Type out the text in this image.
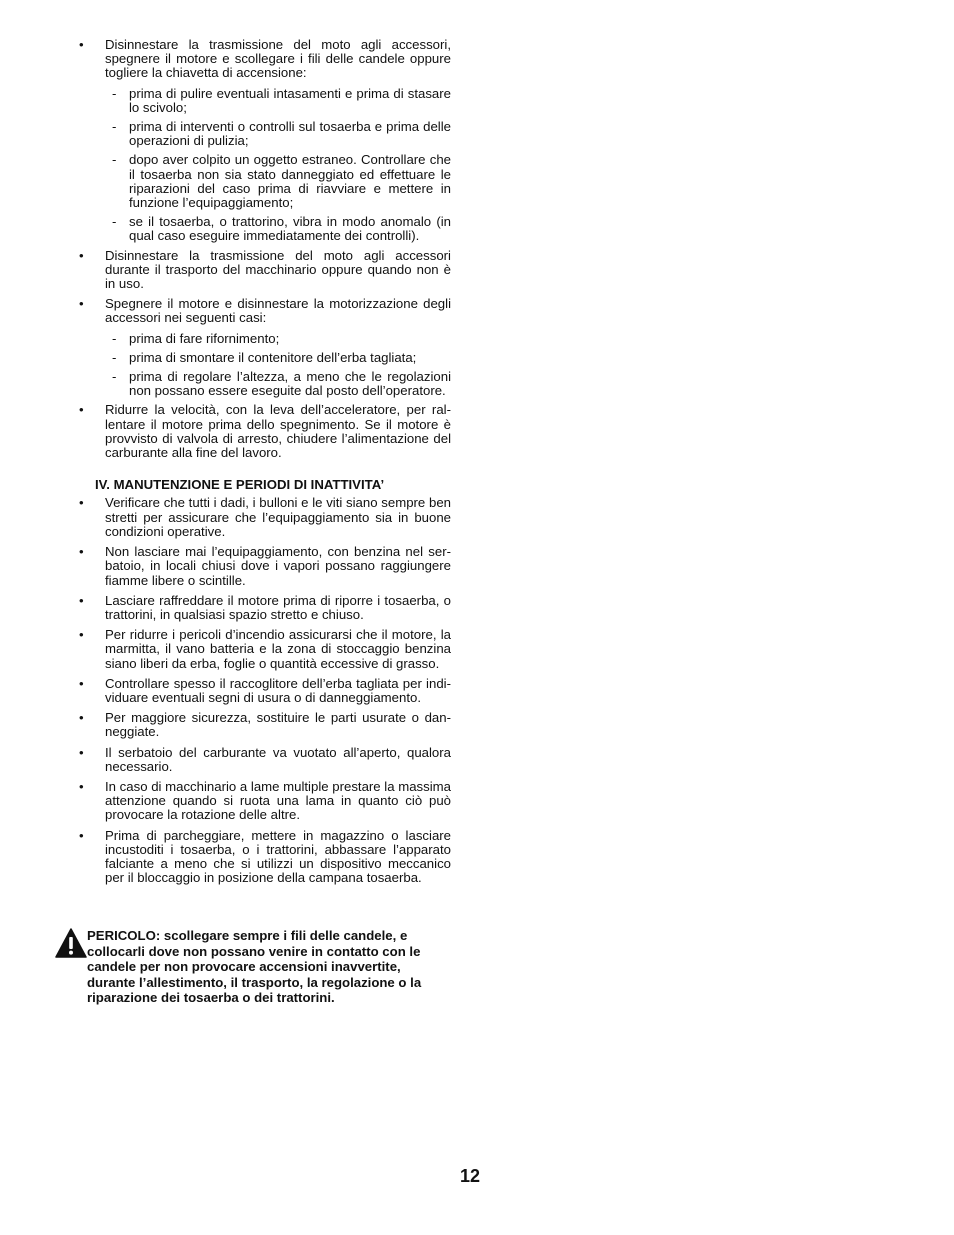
• Disinnestare la trasmissione del moto agli accessori, spegnere il motore e scollegare i fili delle candele oppure togliere la chiavetta di accensione:
- prima di pulire eventuali intasamenti e prima di stasare lo scivolo;
- prima di interventi o controlli sul tosaerba e prima delle operazioni di pulizia;
- dopo aver colpito un oggetto estraneo. Controllare che il tosaerba non sia stato danneggiato ed effettuare le riparazioni del caso prima di riavviare e mettere in funzione l’equipaggiamento;
- se il tosaerba, o trattorino, vibra in modo anomalo (in qual caso eseguire immediatamente dei controlli).
• Disinnestare la trasmissione del moto agli accessori durante il trasporto del macchinario oppure quando non è in uso.
• Spegnere il motore e disinnestare la motorizzazione degli accessori nei seguenti casi:
- prima di fare rifornimento;
- prima di smontare il contenitore dell’erba tagliata;
- prima di regolare l’altezza, a meno che le regolazioni non possano essere eseguite dal posto dell’operatore.
• Ridurre la velocità, con la leva dell’acceleratore, per rallentare il motore prima dello spegnimento. Se il motore è provvisto di valvola di arresto, chiudere l’alimentazione del carburante alla fine del lavoro.
IV. MANUTENZIONE E PERIODI DI INATTIVITA’
• Verificare che tutti i dadi, i bulloni e le viti siano sempre ben stretti per assicurare che l’equipaggiamento sia in buone condizioni operative.
• Non lasciare mai l’equipaggiamento, con benzina nel serbatoio, in locali chiusi dove i vapori possano raggiungere fiamme libere o scintille.
• Lasciare raffreddare il motore prima di riporre i tosaerba, o trattorini, in qualsiasi spazio stretto e chiuso.
• Per ridurre i pericoli d’incendio assicurarsi che il motore, la marmitta, il vano batteria e la zona di stoccaggio benzina siano liberi da erba, foglie o quantità eccessive di grasso.
• Controllare spesso il raccoglitore dell’erba tagliata per individuare eventuali segni di usura o di danneggiamento.
• Per maggiore sicurezza, sostituire le parti usurate o danneggiate.
• Il serbatoio del carburante va vuotato all’aperto, qualora necessario.
• In caso di macchinario a lame multiple prestare la massima attenzione quando si ruota una lama in quanto ciò può provocare la rotazione delle altre.
• Prima di parcheggiare, mettere in magazzino o lasciare incustoditi i tosaerba, o i trattorini, abbassare l’apparato falciante a meno che si utilizzi un dispositivo meccanico per il bloccaggio in posizione della campana tosaerba.
PERICOLO: scollegare sempre i fili delle candele, e collocarli dove non possano venire in contatto con le candele per non provocare accensioni inavvertite, durante l’allestimento, il trasporto, la regolazione o la riparazione dei tosaerba o dei trattorini.
12
